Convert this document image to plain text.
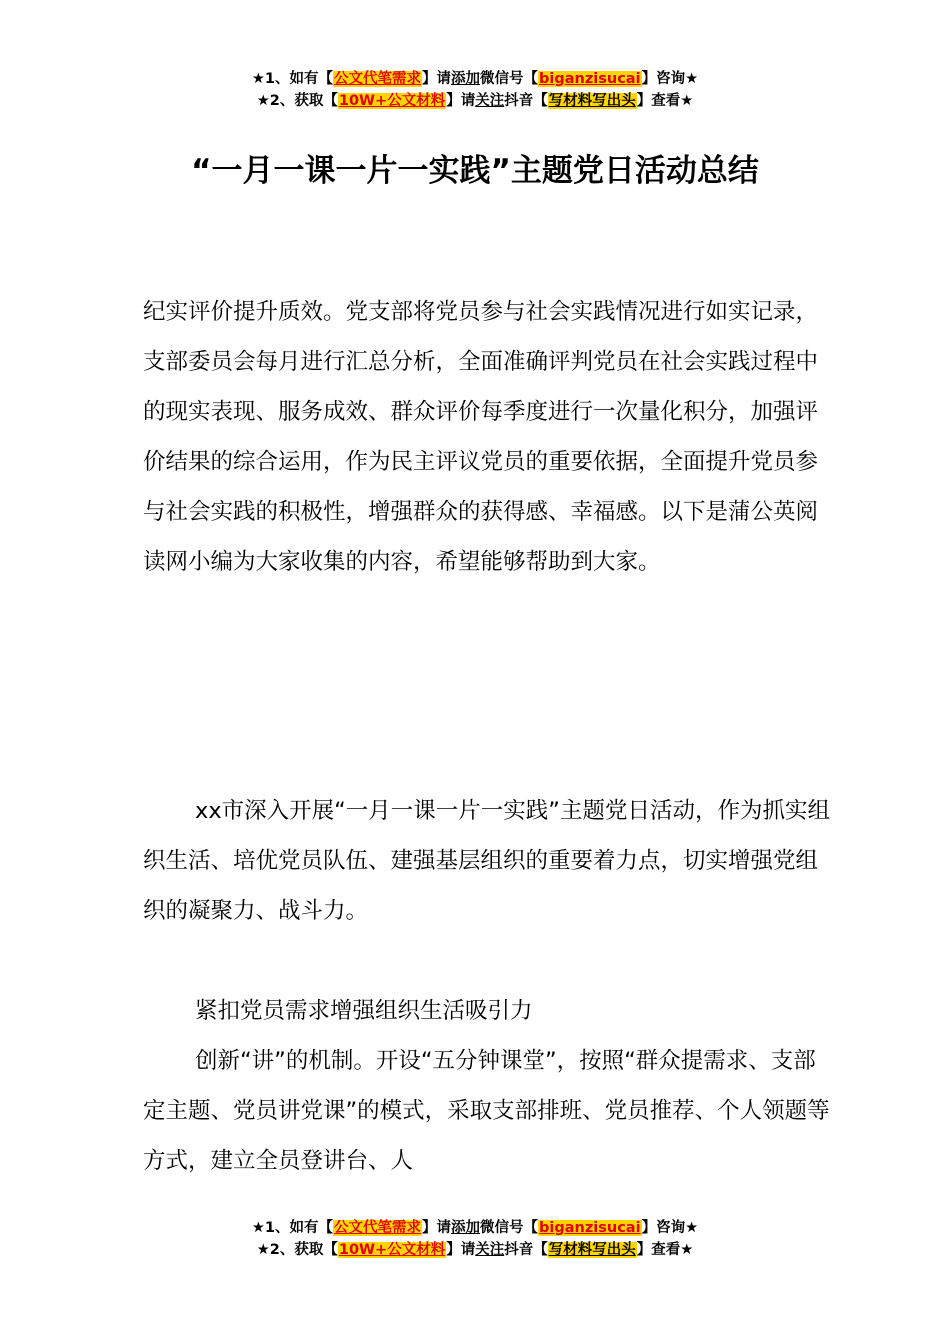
★1、如有【公文代笔需求】请添加微信号【biganzisucai】咨询★
★2、获取【10W+公文材料】请关注抖音【写材料写出头】查看★
“一月一课一片一实践”主题党日活动总结

纪实评价提升质效。党支部将党员参与社会实践情况进行如实记录，支部委员会每月进行汇总分析，全面准确评判党员在社会实践过程中的现实表现、服务成效、群众评价每季度进行一次量化积分，加强评价结果的综合运用，作为民主评议党员的重要依据，全面提升党员参与社会实践的积极性，增强群众的获得感、幸福感。以下是蒲公英阅读网小编为大家收集的内容，希望能够帮助到大家。

xx市深入开展“一月一课一片一实践”主题党日活动，作为抓实组织生活、培优党员队伍、建强基层组织的重要着力点，切实增强党组织的凝聚力、战斗力。

紧扣党员需求增强组织生活吸引力

创新“讲”的机制。开设“五分钟课堂”，按照“群众提需求、支部定主题、党员讲党课”的模式，采取支部排班、党员推荐、个人领题等方式，建立全员登讲台、人

★1、如有【公文代笔需求】请添加微信号【biganzisucai】咨询★
★2、获取【10W+公文材料】请关注抖音【写材料写出头】查看★
